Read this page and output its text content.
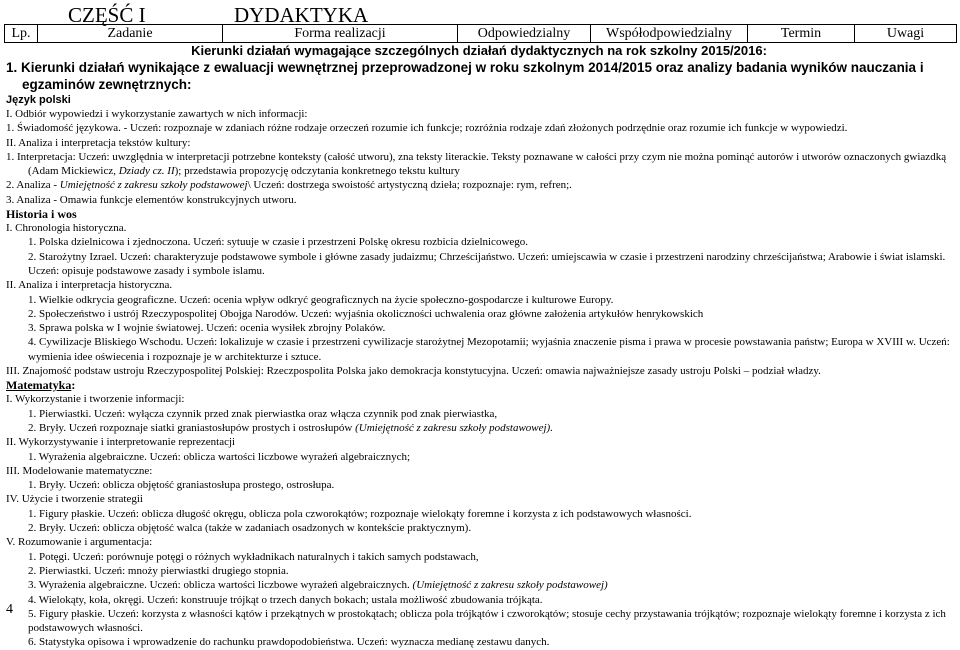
CZĘŚĆ I	DYDAKTYKA
Lp.	Zadanie	Forma realizacji	Odpowiedzialny	Współodpowiedzialny	Termin	Uwagi

Kierunki działań wymagające szczególnych działań dydaktycznych na rok szkolny 2015/2016:

1. Kierunki działań wynikające z ewaluacji wewnętrznej przeprowadzonej w roku szkolnym 2014/2015 oraz analizy badania wyników nauczania i egzaminów zewnętrznych:

Język polski

I. Odbiór wypowiedzi i wykorzystanie zawartych w nich informacji:

1. Świadomość językowa. - Uczeń: rozpoznaje w zdaniach różne rodzaje orzeczeń rozumie ich funkcje; rozróżnia rodzaje zdań złożonych podrzędnie oraz rozumie ich funkcje w wypowiedzi.

II. Analiza i interpretacja tekstów kultury:

1. Interpretacja: Uczeń: uwzględnia w interpretacji potrzebne konteksty (całość utworu), zna teksty literackie. Teksty poznawane w całości przy czym nie można pominąć autorów i utworów oznaczonych gwiazdką (Adam Mickiewicz, Dziady cz. II); przedstawia propozycję odczytania konkretnego tekstu kultury

2. Analiza - Umiejętność z zakresu szkoły podstawowej\ Uczeń: dostrzega swoistość artystyczną dzieła; rozpoznaje: rym, refren;.

3. Analiza - Omawia funkcje elementów konstrukcyjnych utworu.

Historia i wos

I. Chronologia historyczna.

1. Polska dzielnicowa i zjednoczona. Uczeń: sytuuje w czasie i przestrzeni Polskę okresu rozbicia dzielnicowego.

2. Starożytny Izrael. Uczeń: charakteryzuje podstawowe symbole i główne zasady judaizmu; Chrześcijaństwo. Uczeń: umiejscawia w czasie i przestrzeni narodziny chrześcijaństwa; Arabowie i świat islamski. Uczeń: opisuje podstawowe zasady i symbole islamu.

II. Analiza i interpretacja historyczna.

1. Wielkie odkrycia geograficzne. Uczeń: ocenia wpływ odkryć geograficznych na życie społeczno-gospodarcze i kulturowe Europy.

2. Społeczeństwo i ustrój Rzeczypospolitej Obojga Narodów. Uczeń: wyjaśnia okoliczności uchwalenia oraz główne założenia artykułów henrykowskich

3. Sprawa polska w I wojnie światowej. Uczeń: ocenia wysiłek zbrojny Polaków.

4. Cywilizacje Bliskiego Wschodu. Uczeń: lokalizuje w czasie i przestrzeni cywilizacje starożytnej Mezopotamii; wyjaśnia znaczenie pisma i prawa w procesie powstawania państw; Europa w XVIII w. Uczeń: wymienia idee oświecenia i rozpoznaje je w architekturze i sztuce.

III. Znajomość podstaw ustroju Rzeczypospolitej Polskiej: Rzeczpospolita Polska jako demokracja konstytucyjna. Uczeń: omawia najważniejsze zasady ustroju Polski – podział władzy.

Matematyka:

I. Wykorzystanie i tworzenie informacji:

1. Pierwiastki. Uczeń: wyłącza czynnik przed znak pierwiastka oraz włącza czynnik pod znak pierwiastka,

2. Bryły. Uczeń rozpoznaje siatki graniastosłupów prostych i ostrosłupów (Umiejętność z zakresu szkoły podstawowej).

II. Wykorzystywanie i interpretowanie reprezentacji

1. Wyrażenia algebraiczne. Uczeń: oblicza wartości liczbowe wyrażeń algebraicznych;

III. Modelowanie matematyczne:

1. Bryły. Uczeń: oblicza objętość graniastosłupa prostego, ostrosłupa.

IV. Użycie i tworzenie strategii

1. Figury płaskie. Uczeń: oblicza długość okręgu, oblicza pola czworokątów; rozpoznaje wielokąty foremne i korzysta z ich podstawowych własności.

2. Bryły. Uczeń: oblicza objętość walca (także w zadaniach osadzonych w kontekście praktycznym).

V. Rozumowanie i argumentacja:

1. Potęgi. Uczeń: porównuje potęgi o różnych wykładnikach naturalnych i takich samych podstawach,

2. Pierwiastki. Uczeń: mnoży pierwiastki drugiego stopnia.

3. Wyrażenia algebraiczne. Uczeń: oblicza wartości liczbowe wyrażeń algebraicznych. (Umiejętność z zakresu szkoły podstawowej)

4. Wielokąty, koła, okręgi. Uczeń: konstruuje trójkąt o trzech danych bokach; ustala możliwość zbudowania trójkąta.

5. Figury płaskie. Uczeń: korzysta z własności kątów i przekątnych w prostokątach; oblicza pola trójkątów i czworokątów; stosuje cechy przystawania trójkątów; rozpoznaje wielokąty foremne i korzysta z ich podstawowych własności.

6. Statystyka opisowa i wprowadzenie do rachunku prawdopodobieństwa. Uczeń: wyznacza medianę zestawu danych.

4
